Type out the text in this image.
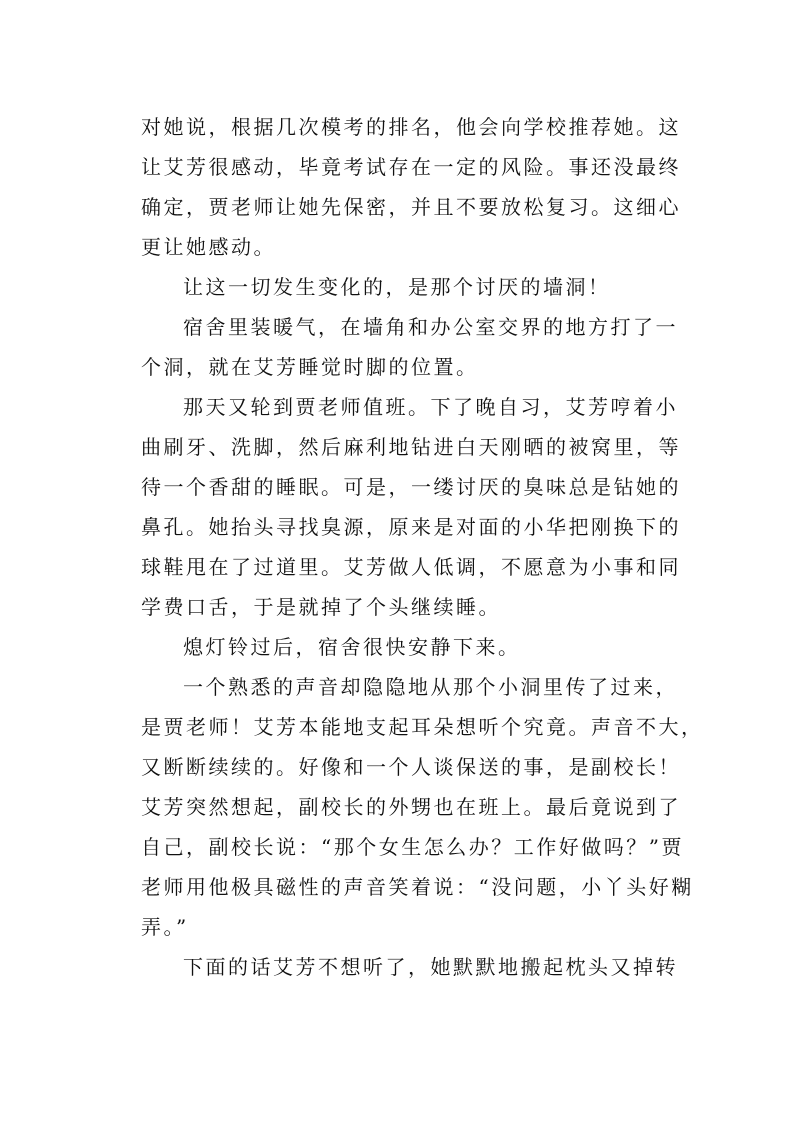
对她说，根据几次模考的排名，他会向学校推荐她。这
让艾芳很感动，毕竟考试存在一定的风险。事还没最终
确定，贾老师让她先保密，并且不要放松复习。这细心
更让她感动。
让这一切发生变化的，是那个讨厌的墙洞！
宿舍里装暖气，在墙角和办公室交界的地方打了一
个洞，就在艾芳睡觉时脚的位置。
那天又轮到贾老师值班。下了晚自习，艾芳哼着小
曲刷牙、洗脚，然后麻利地钻进白天刚晒的被窝里，等
待一个香甜的睡眠。可是，一缕讨厌的臭味总是钻她的
鼻孔。她抬头寻找臭源，原来是对面的小华把刚换下的
球鞋甩在了过道里。艾芳做人低调，不愿意为小事和同
学费口舌，于是就掉了个头继续睡。
熄灯铃过后，宿舍很快安静下来。
一个熟悉的声音却隐隐地从那个小洞里传了过来，
是贾老师！艾芳本能地支起耳朵想听个究竟。声音不大，
又断断续续的。好像和一个人谈保送的事，是副校长！
艾芳突然想起，副校长的外甥也在班上。最后竟说到了
自己，副校长说：“那个女生怎么办？工作好做吗？”贾
老师用他极具磁性的声音笑着说：“没问题，小丫头好糊
弄。”
下面的话艾芳不想听了，她默默地搬起枕头又掉转
